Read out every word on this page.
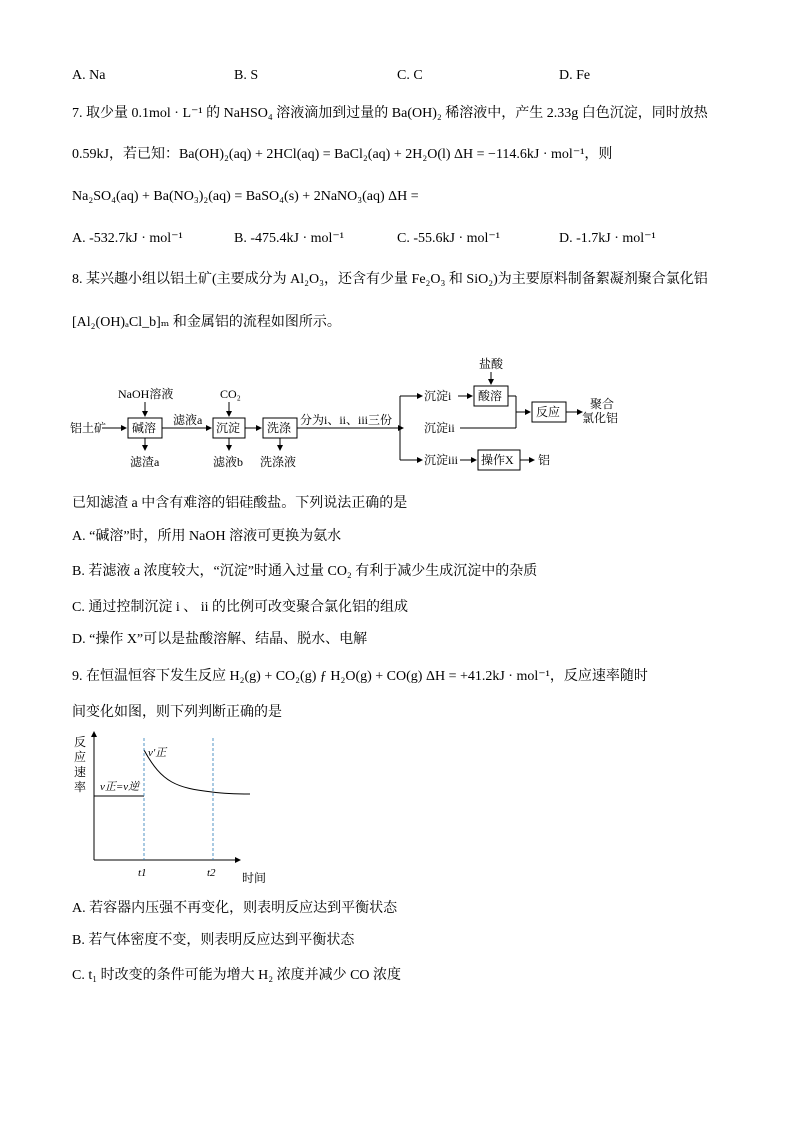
A. Na	B. S	C. C	D. Fe
7. 取少量 0.1mol · L⁻¹ 的 NaHSO₄ 溶液滴加到过量的 Ba(OH)₂ 稀溶液中，产生 2.33g 白色沉淀，同时放热
0.59kJ，若已知：Ba(OH)₂(aq) + 2HCl(aq) = BaCl₂(aq) + 2H₂O(l) ΔH = −114.6kJ · mol⁻¹，则
Na₂SO₄(aq) + Ba(NO₃)₂(aq) = BaSO₄(s) + 2NaNO₃(aq) ΔH =
A. -532.7kJ · mol⁻¹	B. -475.4kJ · mol⁻¹	C. -55.6kJ · mol⁻¹	D. -1.7kJ · mol⁻¹
8. 某兴趣小组以铝土矿(主要成分为 Al₂O₃，还含有少量 Fe₂O₃ 和 SiO₂)为主要原料制备絮凝剂聚合氯化铝
[Al₂(OH)ₐCl_b]ₘ 和金属铝的流程如图所示。
铝土矿
NaOH溶液
碱溶
滤渣a
滤液a
CO₂
沉淀
滤液b
洗涤
洗涤液
分为i、ii、iii三份
沉淀i
沉淀ii
沉淀iii
盐酸
酸溶
反应
聚合
氯化铝
操作X 铝
已知滤渣 a 中含有难溶的铝硅酸盐。下列说法正确的是
A. “碱溶”时，所用 NaOH 溶液可更换为氨水
B. 若滤液 a 浓度较大，“沉淀”时通入过量 CO₂ 有利于减少生成沉淀中的杂质
C. 通过控制沉淀 i 、 ii 的比例可改变聚合氯化铝的组成
D. “操作 X”可以是盐酸溶解、结晶、脱水、电解
9. 在恒温恒容下发生反应 H₂(g) + CO₂(g) ƒ H₂O(g) + CO(g) ΔH = +41.2kJ · mol⁻¹，反应速率随时
间变化如图，则下列判断正确的是
反
应
速
率 v正=v逆
v′正
t1	t2 时间
A. 若容器内压强不再变化，则表明反应达到平衡状态
B. 若气体密度不变，则表明反应达到平衡状态
C. t₁ 时改变的条件可能为增大 H₂ 浓度并减少 CO 浓度
